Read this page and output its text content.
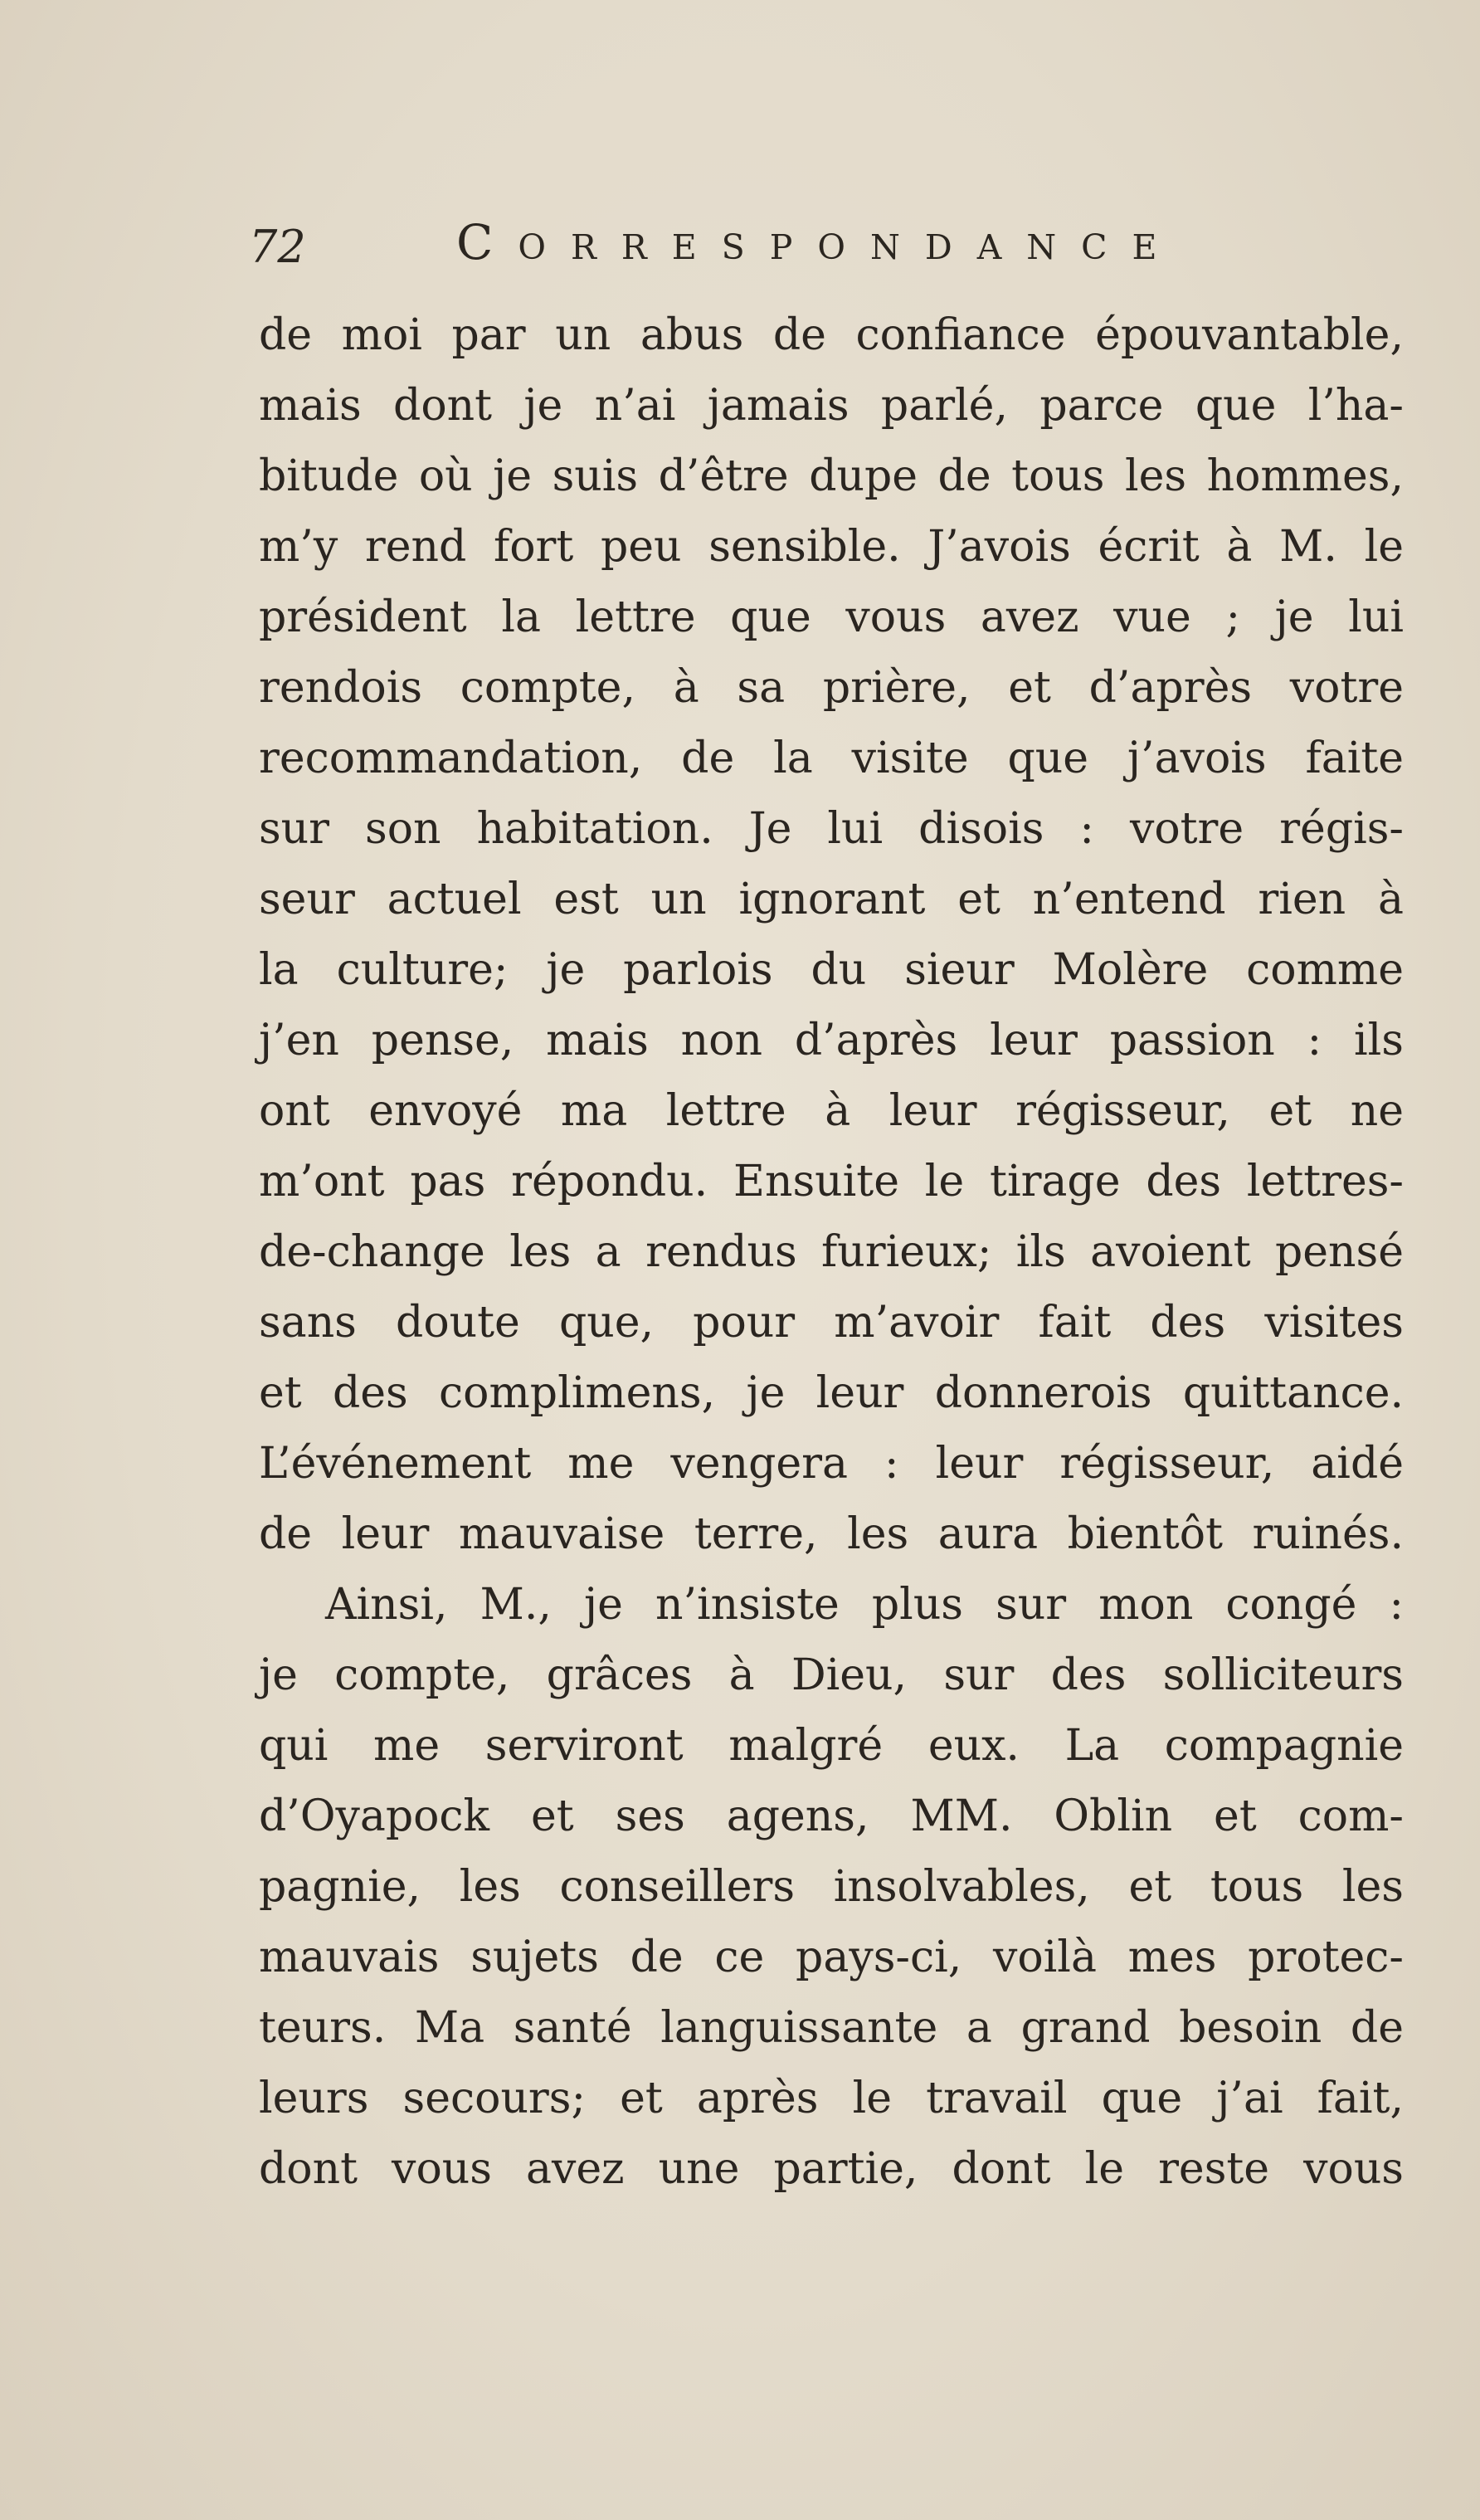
72	Correspondance
de moi par un abus de confiance épouvantable,
mais dont je n’ai jamais parlé, parce que l’ha-
bitude où je suis d’être dupe de tous les hommes,
m’y rend fort peu sensible. J’avois écrit à M. le
président la lettre que vous avez vue ; je lui
rendois compte, à sa prière, et d’après votre
recommandation, de la visite que j’avois faite
sur son habitation. Je lui disois : votre régis-
seur actuel est un ignorant et n’entend rien à
la culture; je parlois du sieur Molère comme
j’en pense, mais non d’après leur passion : ils
ont envoyé ma lettre à leur régisseur, et ne
m’ont pas répondu. Ensuite le tirage des lettres-
de-change les a rendus furieux; ils avoient pensé
sans doute que, pour m’avoir fait des visites
et des complimens, je leur donnerois quittance.
L’événement me vengera : leur régisseur, aidé
de leur mauvaise terre, les aura bientôt ruinés.
Ainsi, M., je n’insiste plus sur mon congé :
je compte, grâces à Dieu, sur des solliciteurs
qui me serviront malgré eux. La compagnie
d’Oyapock et ses agens, MM. Oblin et com-
pagnie, les conseillers insolvables, et tous les
mauvais sujets de ce pays-ci, voilà mes protec-
teurs. Ma santé languissante a grand besoin de
leurs secours; et après le travail que j’ai fait,
dont vous avez une partie, dont le reste vous
